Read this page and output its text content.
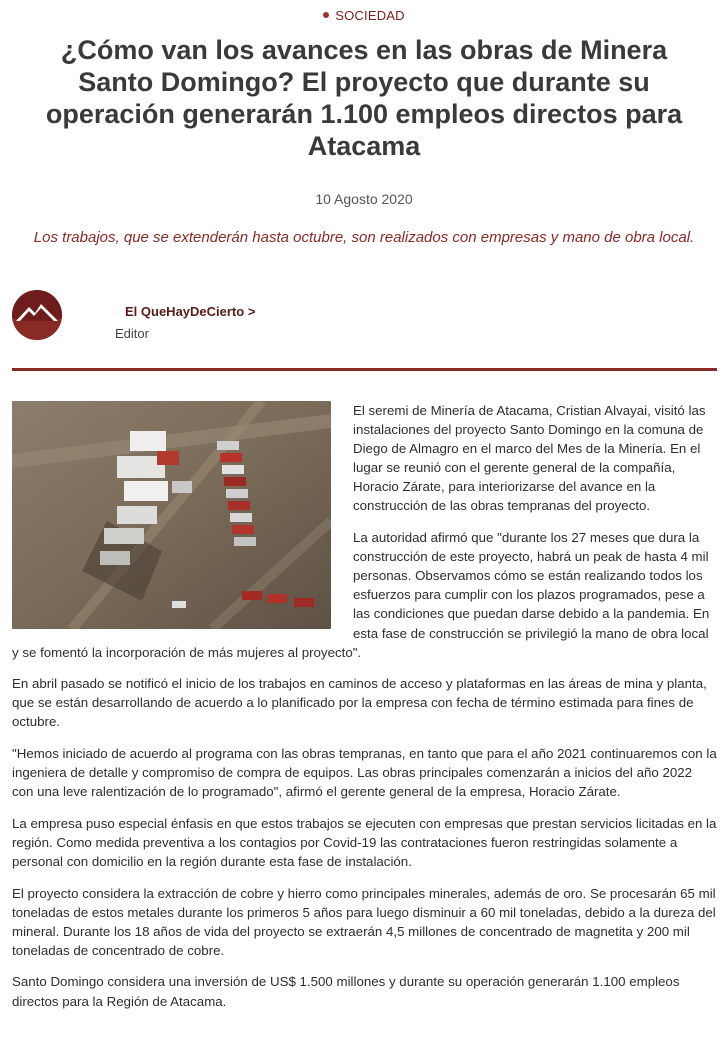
SOCIEDAD
¿Cómo van los avances en las obras de Minera Santo Domingo? El proyecto que durante su operación generarán 1.100 empleos directos para Atacama
10 Agosto 2020
Los trabajos, que se extenderán hasta octubre, son realizados con empresas y mano de obra local.
El QueHayDeCierto >
Editor

El seremi de Minería de Atacama, Cristian Alvayai, visitó las instalaciones del proyecto Santo Domingo en la comuna de Diego de Almagro en el marco del Mes de la Minería. En el lugar se reunió con el gerente general de la compañía, Horacio Zárate, para interiorizarse del avance en la construcción de las obras tempranas del proyecto.

La autoridad afirmó que "durante los 27 meses que dura la construcción de este proyecto, habrá un peak de hasta 4 mil personas. Observamos cómo se están realizando todos los esfuerzos para cumplir con los plazos programados, pese a las condiciones que puedan darse debido a la pandemia. En esta fase de construcción se privilegió la mano de obra local y se fomentó la incorporación de más mujeres al proyecto".

En abril pasado se notificó el inicio de los trabajos en caminos de acceso y plataformas en las áreas de mina y planta, que se están desarrollando de acuerdo a lo planificado por la empresa con fecha de término estimada para fines de octubre.

"Hemos iniciado de acuerdo al programa con las obras tempranas, en tanto que para el año 2021 continuaremos con la ingeniera de detalle y compromiso de compra de equipos. Las obras principales comenzarán a inicios del año 2022 con una leve ralentización de lo programado", afirmó el gerente general de la empresa, Horacio Zárate.

La empresa puso especial énfasis en que estos trabajos se ejecuten con empresas que prestan servicios licitadas en la región. Como medida preventiva a los contagios por Covid-19 las contrataciones fueron restringidas solamente a personal con domicilio en la región durante esta fase de instalación.

El proyecto considera la extracción de cobre y hierro como principales minerales, además de oro. Se procesarán 65 mil toneladas de estos metales durante los primeros 5 años para luego disminuir a 60 mil toneladas, debido a la dureza del mineral. Durante los 18 años de vida del proyecto se extraerán 4,5 millones de concentrado de magnetita y 200 mil toneladas de concentrado de cobre.

Santo Domingo considera una inversión de US$ 1.500 millones y durante su operación generarán 1.100 empleos directos para la Región de Atacama.
